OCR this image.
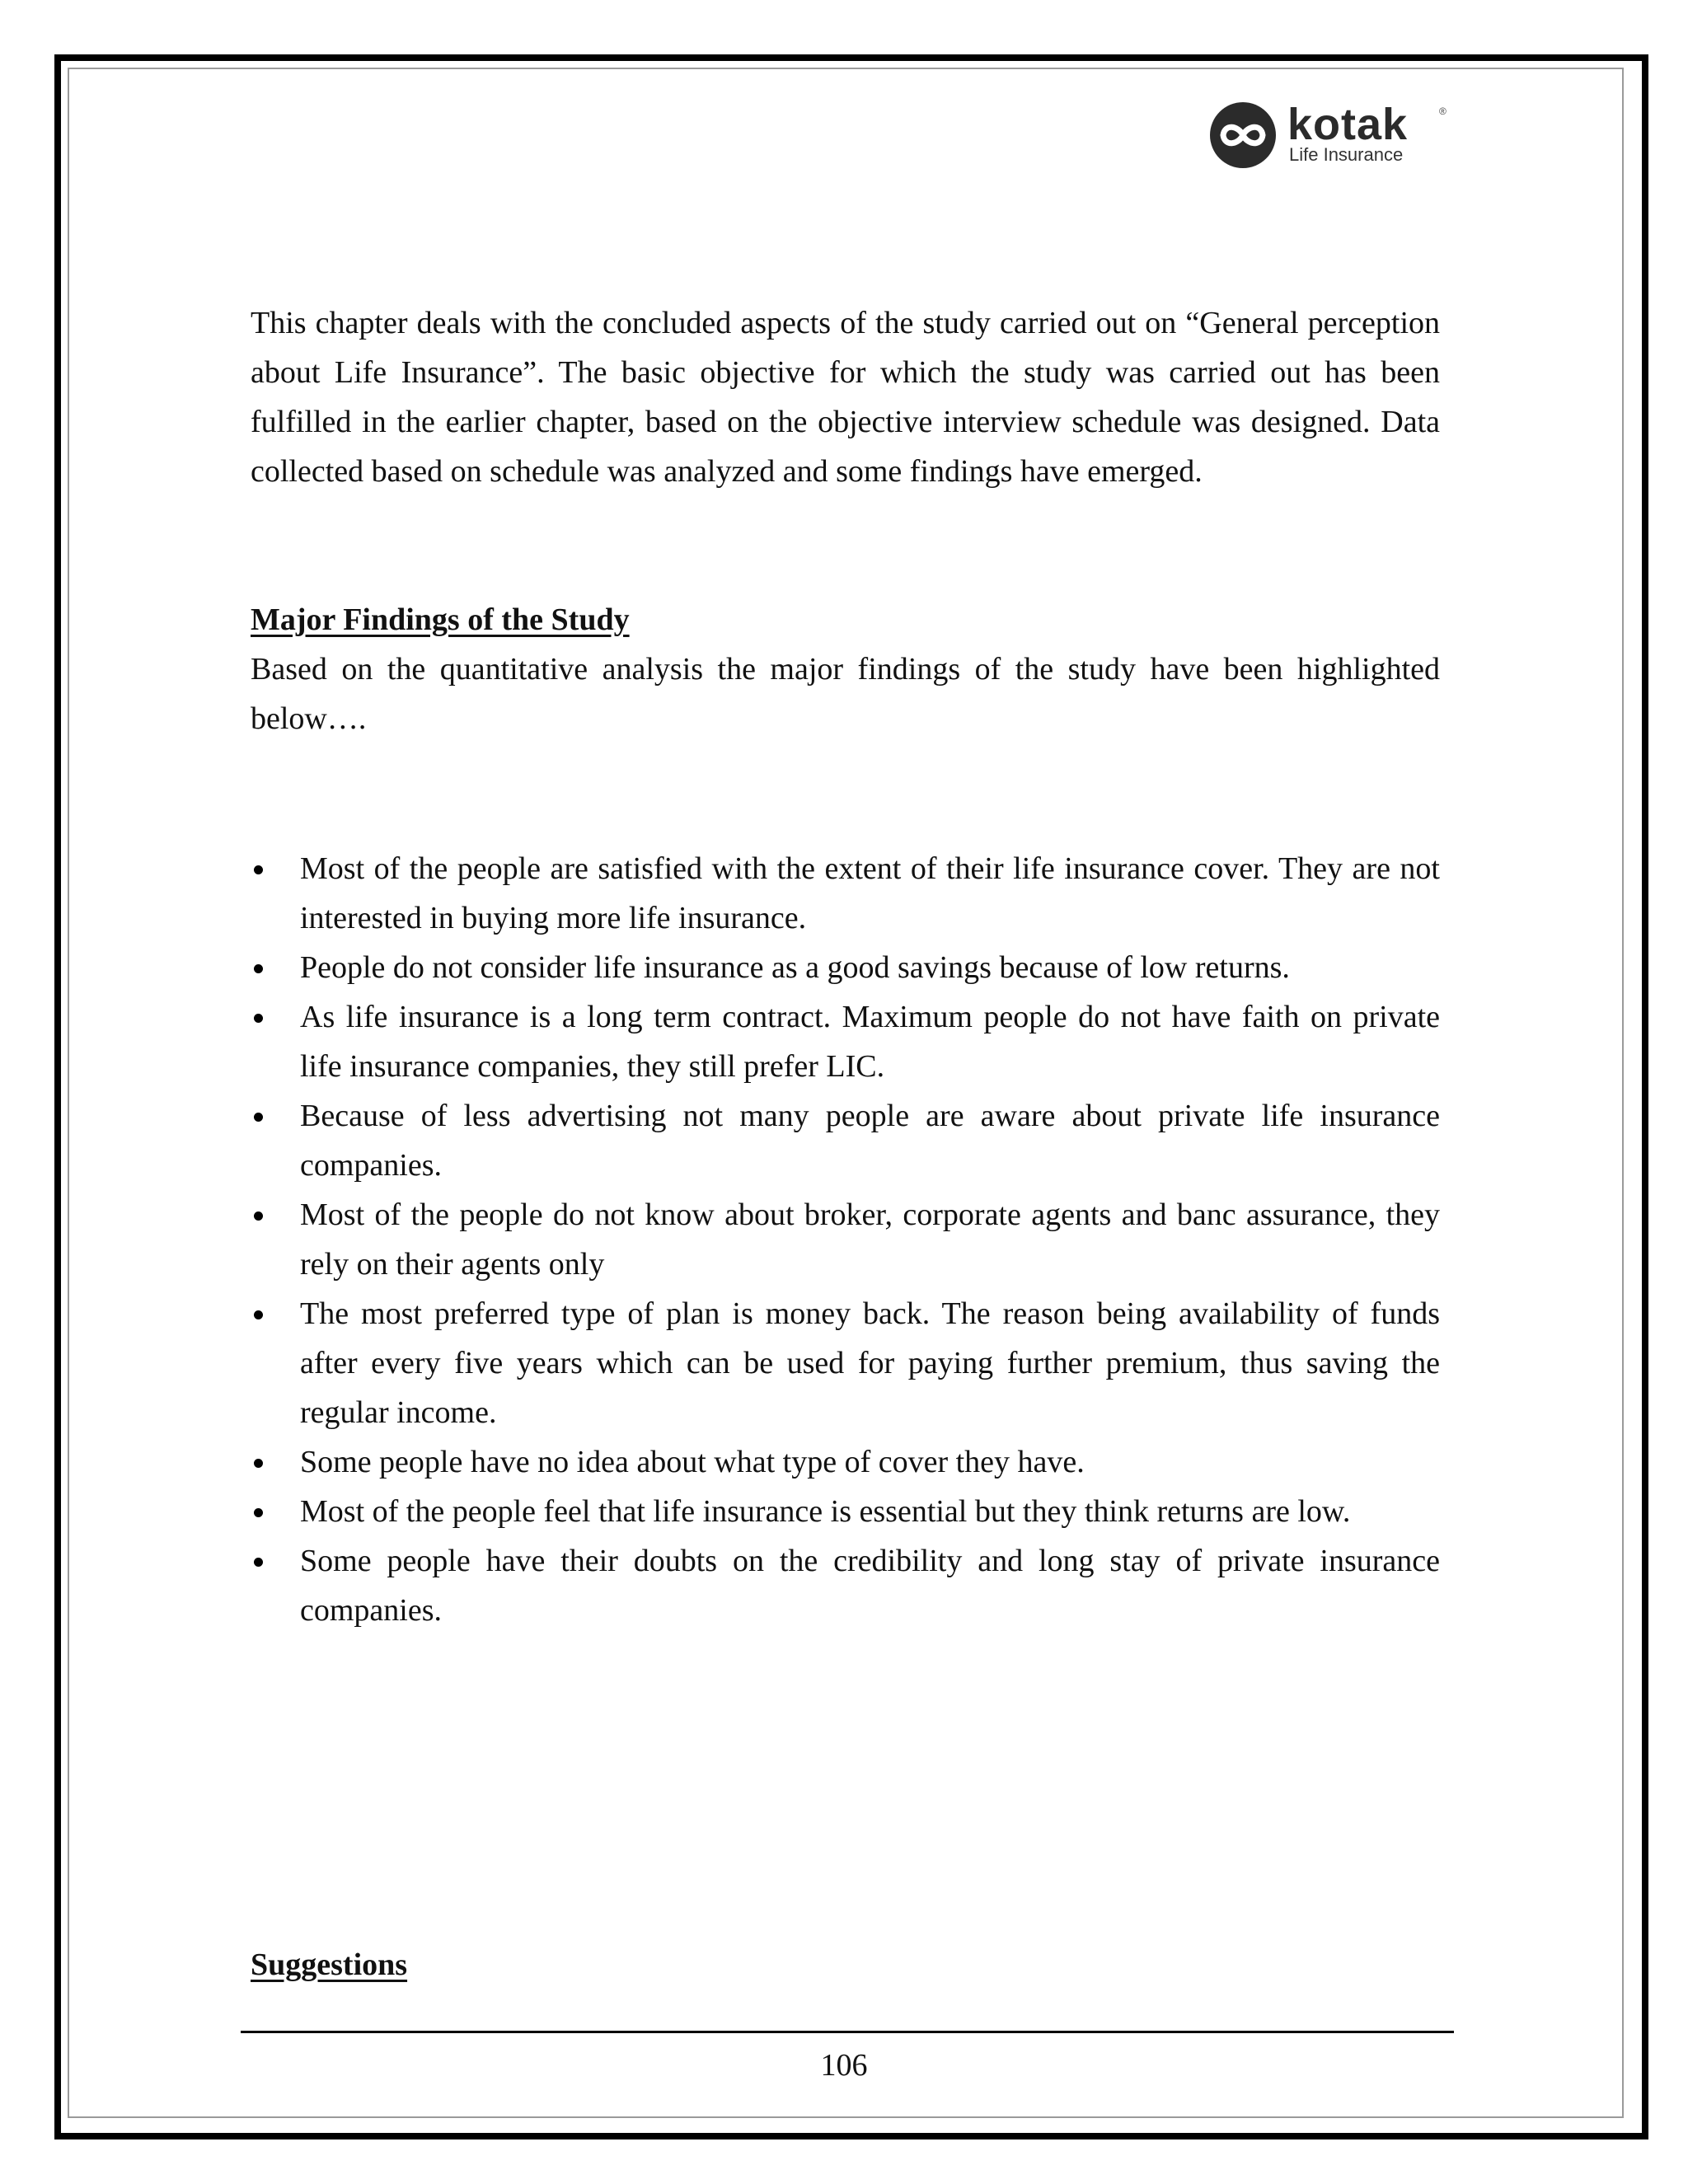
kotak	®
Life Insurance

This chapter deals with the concluded aspects of the study carried out on “General perception about Life Insurance”. The basic objective for which the study was carried out has been fulfilled in the earlier chapter, based on the objective interview schedule was designed. Data collected based on schedule was analyzed and some findings have emerged.

Major Findings of the Study

Based on the quantitative analysis the major findings of the study have been highlighted below….

Most of the people are satisfied with the extent of their life insurance cover. They are not interested in buying more life insurance.
People do not consider life insurance as a good savings because of low returns.
As life insurance is a long term contract. Maximum people do not have faith on private life insurance companies, they still prefer LIC.
Because of less advertising not many people are aware about private life insurance companies.
Most of the people do not know about broker, corporate agents and banc assurance, they rely on their agents only
The most preferred type of plan is money back. The reason being availability of funds after every five years which can be used for paying further premium, thus saving the regular income.
Some people have no idea about what type of cover they have.
Most of the people feel that life insurance is essential but they think returns are low.
Some people have their doubts on the credibility and long stay of private insurance companies.

Suggestions

106
